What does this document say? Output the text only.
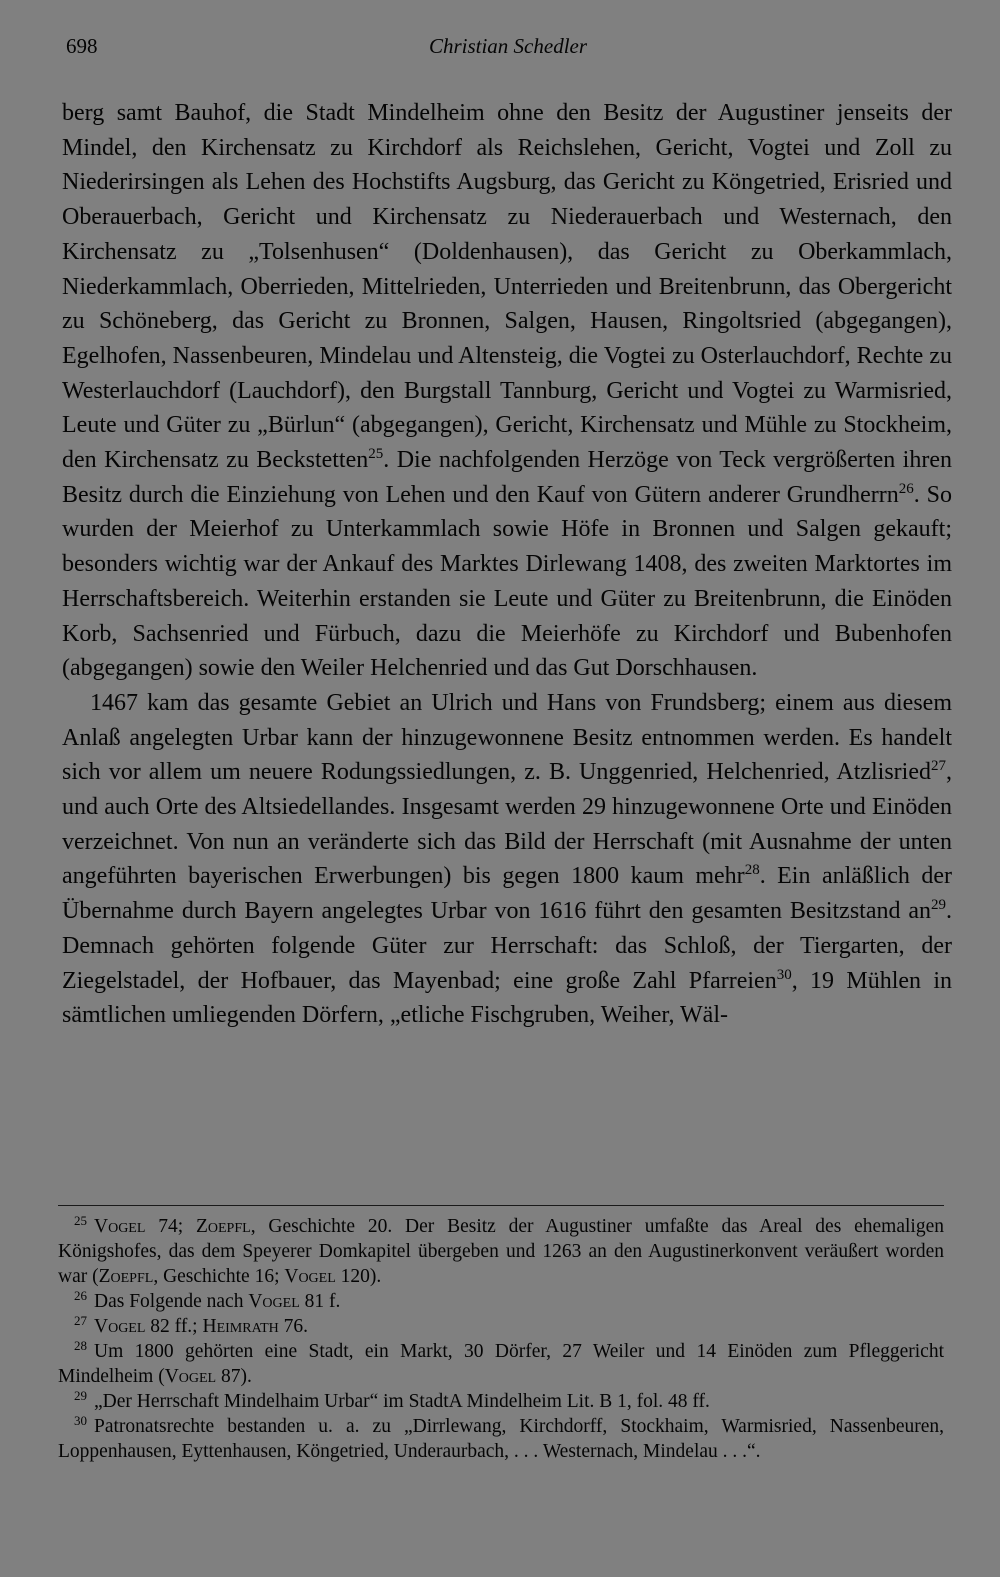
698	Christian Schedler

berg samt Bauhof, die Stadt Mindelheim ohne den Besitz der Augustiner jenseits der Mindel, den Kirchensatz zu Kirchdorf als Reichslehen, Gericht, Vogtei und Zoll zu Niederirsingen als Lehen des Hochstifts Augsburg, das Gericht zu Köngetried, Erisried und Oberauerbach, Gericht und Kirchensatz zu Niederauerbach und Westernach, den Kirchensatz zu „Tolsenhusen“ (Doldenhausen), das Gericht zu Oberkammlach, Niederkammlach, Oberrieden, Mittelrieden, Unterrieden und Breitenbrunn, das Obergericht zu Schöneberg, das Gericht zu Bronnen, Salgen, Hausen, Ringoltsried (abgegangen), Egelhofen, Nassenbeuren, Mindelau und Altensteig, die Vogtei zu Osterlauchdorf, Rechte zu Westerlauchdorf (Lauchdorf), den Burgstall Tannburg, Gericht und Vogtei zu Warmisried, Leute und Güter zu „Bürlun“ (abgegangen), Gericht, Kirchensatz und Mühle zu Stockheim, den Kirchensatz zu Beckstetten$^{25}$. Die nachfolgenden Herzöge von Teck vergrößerten ihren Besitz durch die Einziehung von Lehen und den Kauf von Gütern anderer Grundherrn$^{26}$. So wurden der Meierhof zu Unterkammlach sowie Höfe in Bronnen und Salgen gekauft; besonders wichtig war der Ankauf des Marktes Dirlewang 1408, des zweiten Marktortes im Herrschaftsbereich. Weiterhin erstanden sie Leute und Güter zu Breitenbrunn, die Einöden Korb, Sachsenried und Fürbuch, dazu die Meierhöfe zu Kirchdorf und Bubenhofen (abgegangen) sowie den Weiler Helchenried und das Gut Dorschhausen.

1467 kam das gesamte Gebiet an Ulrich und Hans von Frundsberg; einem aus diesem Anlaß angelegten Urbar kann der hinzugewonnene Besitz entnommen werden. Es handelt sich vor allem um neuere Rodungssiedlungen, z. B. Unggenried, Helchenried, Atzlisried$^{27}$, und auch Orte des Altsiedellandes. Insgesamt werden 29 hinzugewonnene Orte und Einöden verzeichnet. Von nun an veränderte sich das Bild der Herrschaft (mit Ausnahme der unten angeführten bayerischen Erwerbungen) bis gegen 1800 kaum mehr$^{28}$. Ein anläßlich der Übernahme durch Bayern angelegtes Urbar von 1616 führt den gesamten Besitzstand $an^{29}$. Demnach gehörten folgende Güter zur Herrschaft: das Schloß, der Tiergarten, der Ziegelstadel, der Hofbauer, das Mayenbad; eine große Zahl Pfarreien$^{30}$, 19 Mühlen in sämtlichen umliegenden Dörfern, „etliche Fischgruben, Weiher, Wäl-

$^{25}$ Vogel 74; Zoepfl, Geschichte 20. Der Besitz der Augustiner umfaßte das Areal des ehemaligen Königshofes, das dem Speyerer Domkapitel übergeben und 1263 an den Augustinerkonvent veräußert worden war (Zoepfl, Geschichte 16; Vogel 120).

$^{26}$ Das Folgende nach Vogel 81 f.

$^{27}$ Vogel 82 ff.; Heimrath 76.

$^{28}$ Um 1800 gehörten eine Stadt, ein Markt, 30 Dörfer, 27 Weiler und 14 Einöden zum Pfleggericht Mindelheim (Vogel 87).

$^{29}$ „Der Herrschaft Mindelhaim Urbar“ im StadtA Mindelheim Lit. B 1, fol. 48 ff.

$^{30}$ Patronatsrechte bestanden u. a. zu „Dirrlewang, Kirchdorff, Stockhaim, Warmisried, Nassenbeuren, Loppenhausen, Eyttenhausen, Köngetried, Underaurbach, . . . Westernach, Mindelau . . .“.
